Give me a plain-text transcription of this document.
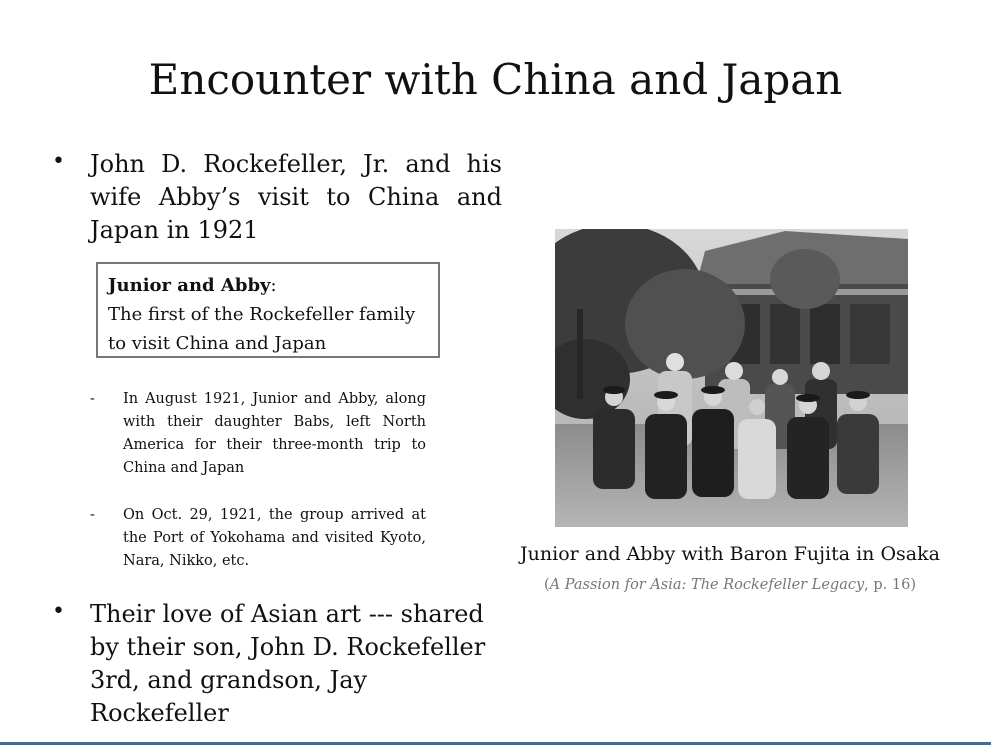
Encounter with China and Japan
•	John D. Rockefeller, Jr. and his wife Abby’s visit to China and Japan in 1921
Junior and Abby:
The first of the Rockefeller family to visit China and Japan
-	In August 1921, Junior and Abby, along with their daughter Babs, left North America for their three-month trip to China and Japan
-	On Oct. 29, 1921, the group arrived at the Port of Yokohama and visited Kyoto, Nara, Nikko, etc.
•	Their love of Asian art --- shared by their son, John D. Rockefeller 3rd, and grandson, Jay Rockefeller
Junior and Abby with Baron Fujita in Osaka
(A Passion for Asia: The Rockefeller Legacy, p. 16)
